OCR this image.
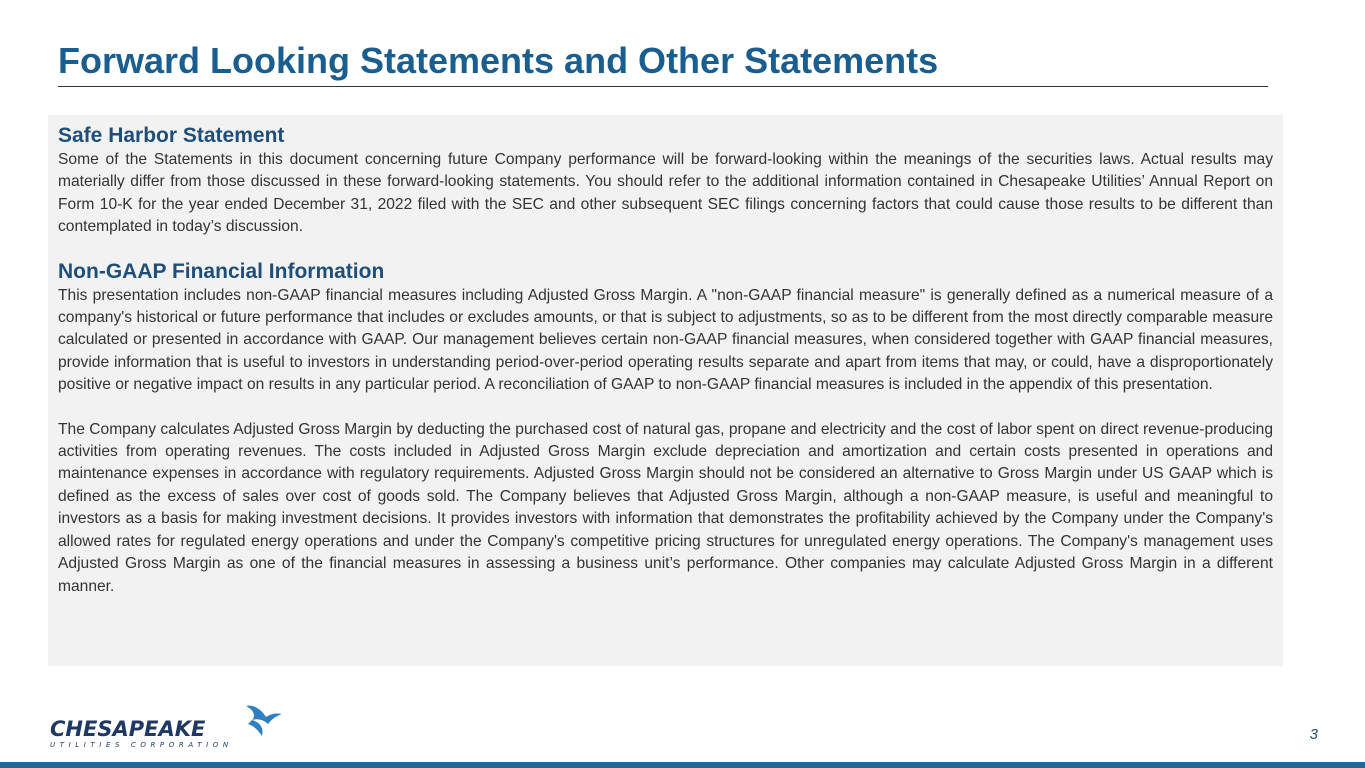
Forward Looking Statements and Other Statements
Safe Harbor Statement

Some of the Statements in this document concerning future Company performance will be forward-looking within the meanings of the securities laws. Actual results may materially differ from those discussed in these forward-looking statements. You should refer to the additional information contained in Chesapeake Utilities’ Annual Report on Form 10-K for the year ended December 31, 2022 filed with the SEC and other subsequent SEC filings concerning factors that could cause those results to be different than contemplated in today’s discussion.

Non-GAAP Financial Information

This presentation includes non-GAAP financial measures including Adjusted Gross Margin. A "non-GAAP financial measure" is generally defined as a numerical measure of a company's historical or future performance that includes or excludes amounts, or that is subject to adjustments, so as to be different from the most directly comparable measure calculated or presented in accordance with GAAP. Our management believes certain non-GAAP financial measures, when considered together with GAAP financial measures, provide information that is useful to investors in understanding period-over-period operating results separate and apart from items that may, or could, have a disproportionately positive or negative impact on results in any particular period. A reconciliation of GAAP to non-GAAP financial measures is included in the appendix of this presentation.

The Company calculates Adjusted Gross Margin by deducting the purchased cost of natural gas, propane and electricity and the cost of labor spent on direct revenue-producing activities from operating revenues. The costs included in Adjusted Gross Margin exclude depreciation and amortization and certain costs presented in operations and maintenance expenses in accordance with regulatory requirements. Adjusted Gross Margin should not be considered an alternative to Gross Margin under US GAAP which is defined as the excess of sales over cost of goods sold. The Company believes that Adjusted Gross Margin, although a non-GAAP measure, is useful and meaningful to investors as a basis for making investment decisions. It provides investors with information that demonstrates the profitability achieved by the Company under the Company's allowed rates for regulated energy operations and under the Company's competitive pricing structures for unregulated energy operations. The Company's management uses Adjusted Gross Margin as one of the financial measures in assessing a business unit’s performance. Other companies may calculate Adjusted Gross Margin in a different manner.

CHESAPEAKE
UTILITIES CORPORATION
3
